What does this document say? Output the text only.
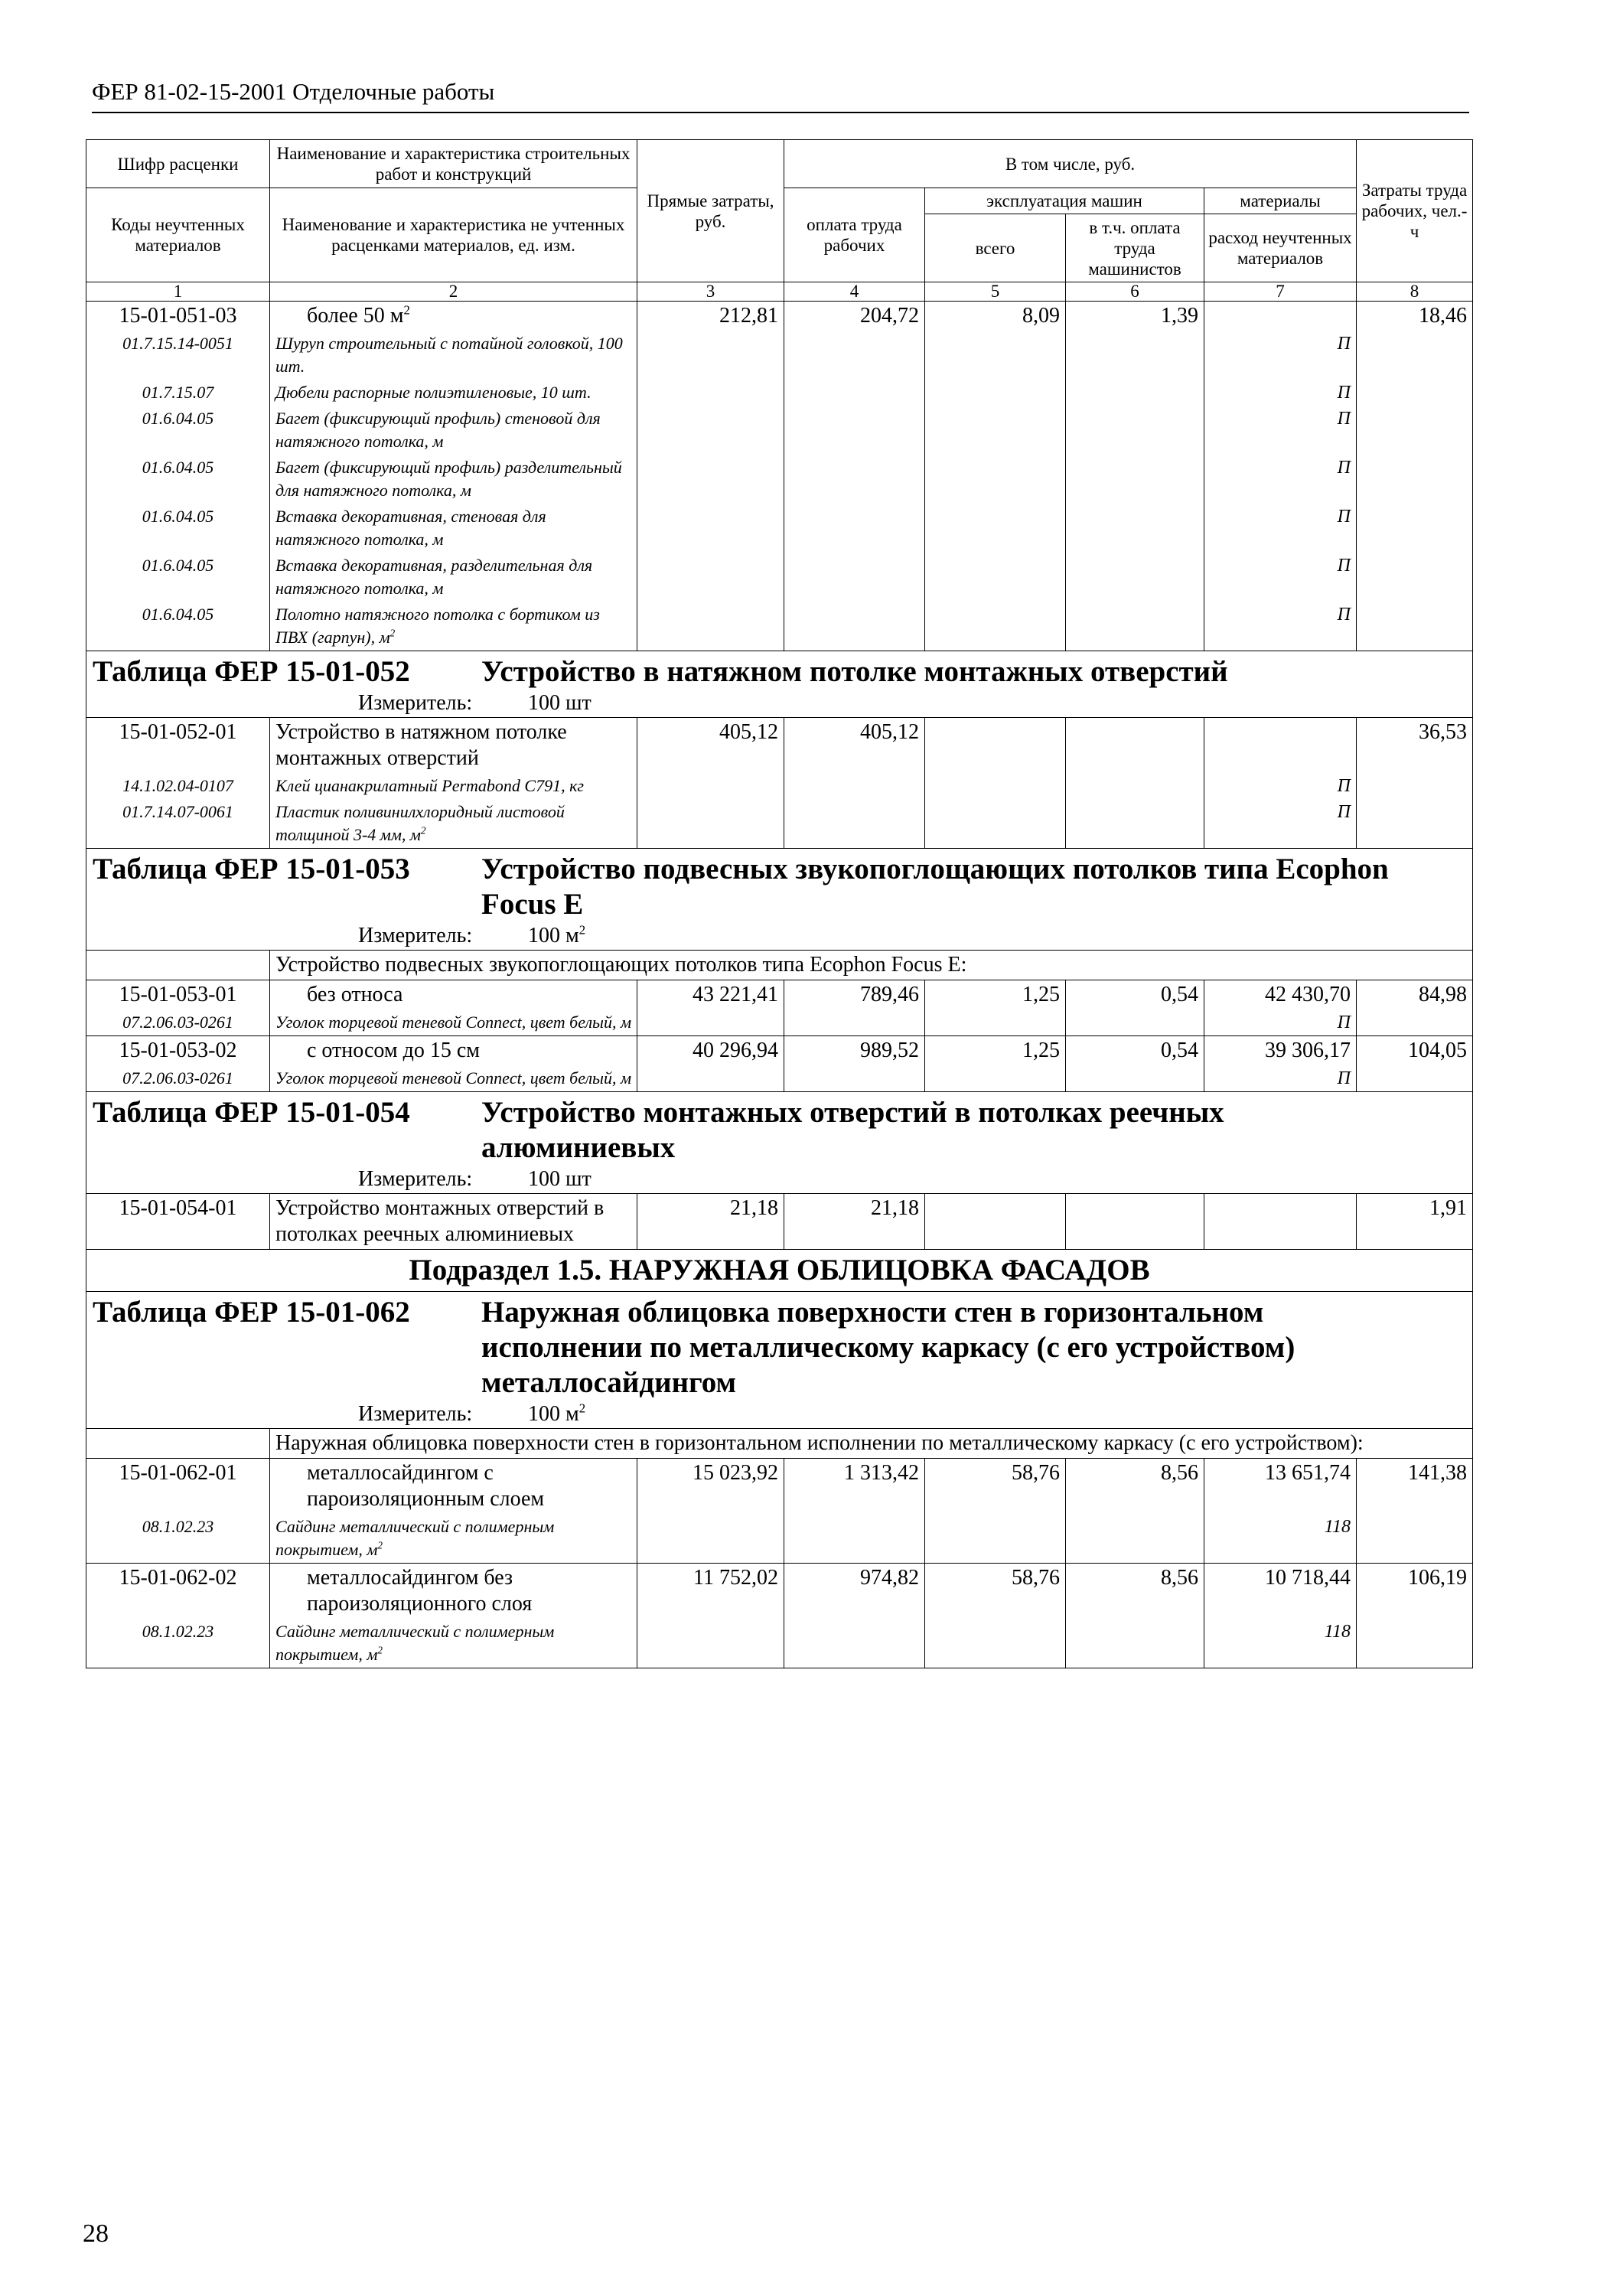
ФЕР 81-02-15-2001 Отделочные работы
Шифр расценки	Наименование и характеристика строительных работ и конструкций	Прямые затраты, руб.	В том числе, руб.				Затраты труда рабочих, чел.-ч
Коды неучтенных материалов	Наименование и характеристика не учтенных расценками материалов, ед. изм.		оплата труда рабочих	эксплуатация машин		материалы	
				всего	в т.ч. оплата труда машинистов	расход неучтенных материалов	
1	2	3	4	5	6	7	8
15-01-051-03	более 50 $м^2$	212,81	204,72	8,09	1,39		18,46
01.7.15.14-0051	Шуруп строительный с потайной головкой, 100 шт.					П	
01.7.15.07	Дюбели распорные полиэтиленовые, 10 шт.					П	
01.6.04.05	Багет (фиксирующий профиль) стеновой для натяжного потолка, м					П	
01.6.04.05	Багет (фиксирующий профиль) разделительный для натяжного потолка, м					П	
01.6.04.05	Вставка декоративная, стеновая для натяжного потолка, м					П	
01.6.04.05	Вставка декоративная, разделительная для натяжного потолка, м					П	
01.6.04.05	Полотно натяжного потолка с бортиком из ПВХ (гарпун), $м^2$					П	
Таблица ФЕР 15-01-052 Устройство в натяжном потолке монтажных отверстий							
Измеритель: 100 шт							
15-01-052-01	Устройство в натяжном потолке монтажных отверстий	405,12	405,12				36,53
14.1.02.04-0107	Клей цианакрилатный Permabond C791, кг					П	
01.7.14.07-0061	Пластик поливинилхлоридный листовой толщиной 3-4 мм, $м^2$					П	
Таблица ФЕР 15-01-053 Устройство подвесных звукопоглощающих потолков типа Ecophon Focus E							
Измеритель: 100 $м^2$
	Устройство подвесных звукопоглощающих потолков типа Ecophon Focus E:						
15-01-053-01	без относа	43 221,41	789,46	1,25	0,54	42 430,70	84,98
07.2.06.03-0261	Уголок торцевой теневой Connect, цвет белый, м					П	
15-01-053-02	с относом до 15 см	40 296,94	989,52	1,25	0,54	39 306,17	104,05
07.2.06.03-0261	Уголок торцевой теневой Connect, цвет белый, м					П	
Таблица ФЕР 15-01-054 Устройство монтажных отверстий в потолках реечных алюминиевых							
Измеритель: 100 шт							
15-01-054-01	Устройство монтажных отверстий в потолках реечных алюминиевых	21,18	21,18				1,91
Подраздел 1.5. НАРУЖНАЯ ОБЛИЦОВКА ФАСАДОВ							
Таблица ФЕР 15-01-062 Наружная облицовка поверхности стен в горизонтальном исполнении по металлическому каркасу (с его устройством) металлосайдингом							
Измеритель: 100 $м^2$
	Наружная облицовка поверхности стен в горизонтальном исполнении по металлическому каркасу (с его устройством):						
15-01-062-01	металлосайдингом с пароизоляционным слоем	15 023,92	1 313,42	58,76	8,56	13 651,74	141,38
08.1.02.23	Сайдинг металлический с полимерным покрытием, $м^2$					118	
15-01-062-02	металлосайдингом без пароизоляционного слоя	11 752,02	974,82	58,76	8,56	10 718,44	106,19
08.1.02.23	Сайдинг металлический с полимерным покрытием, $м^2$					118	
28
